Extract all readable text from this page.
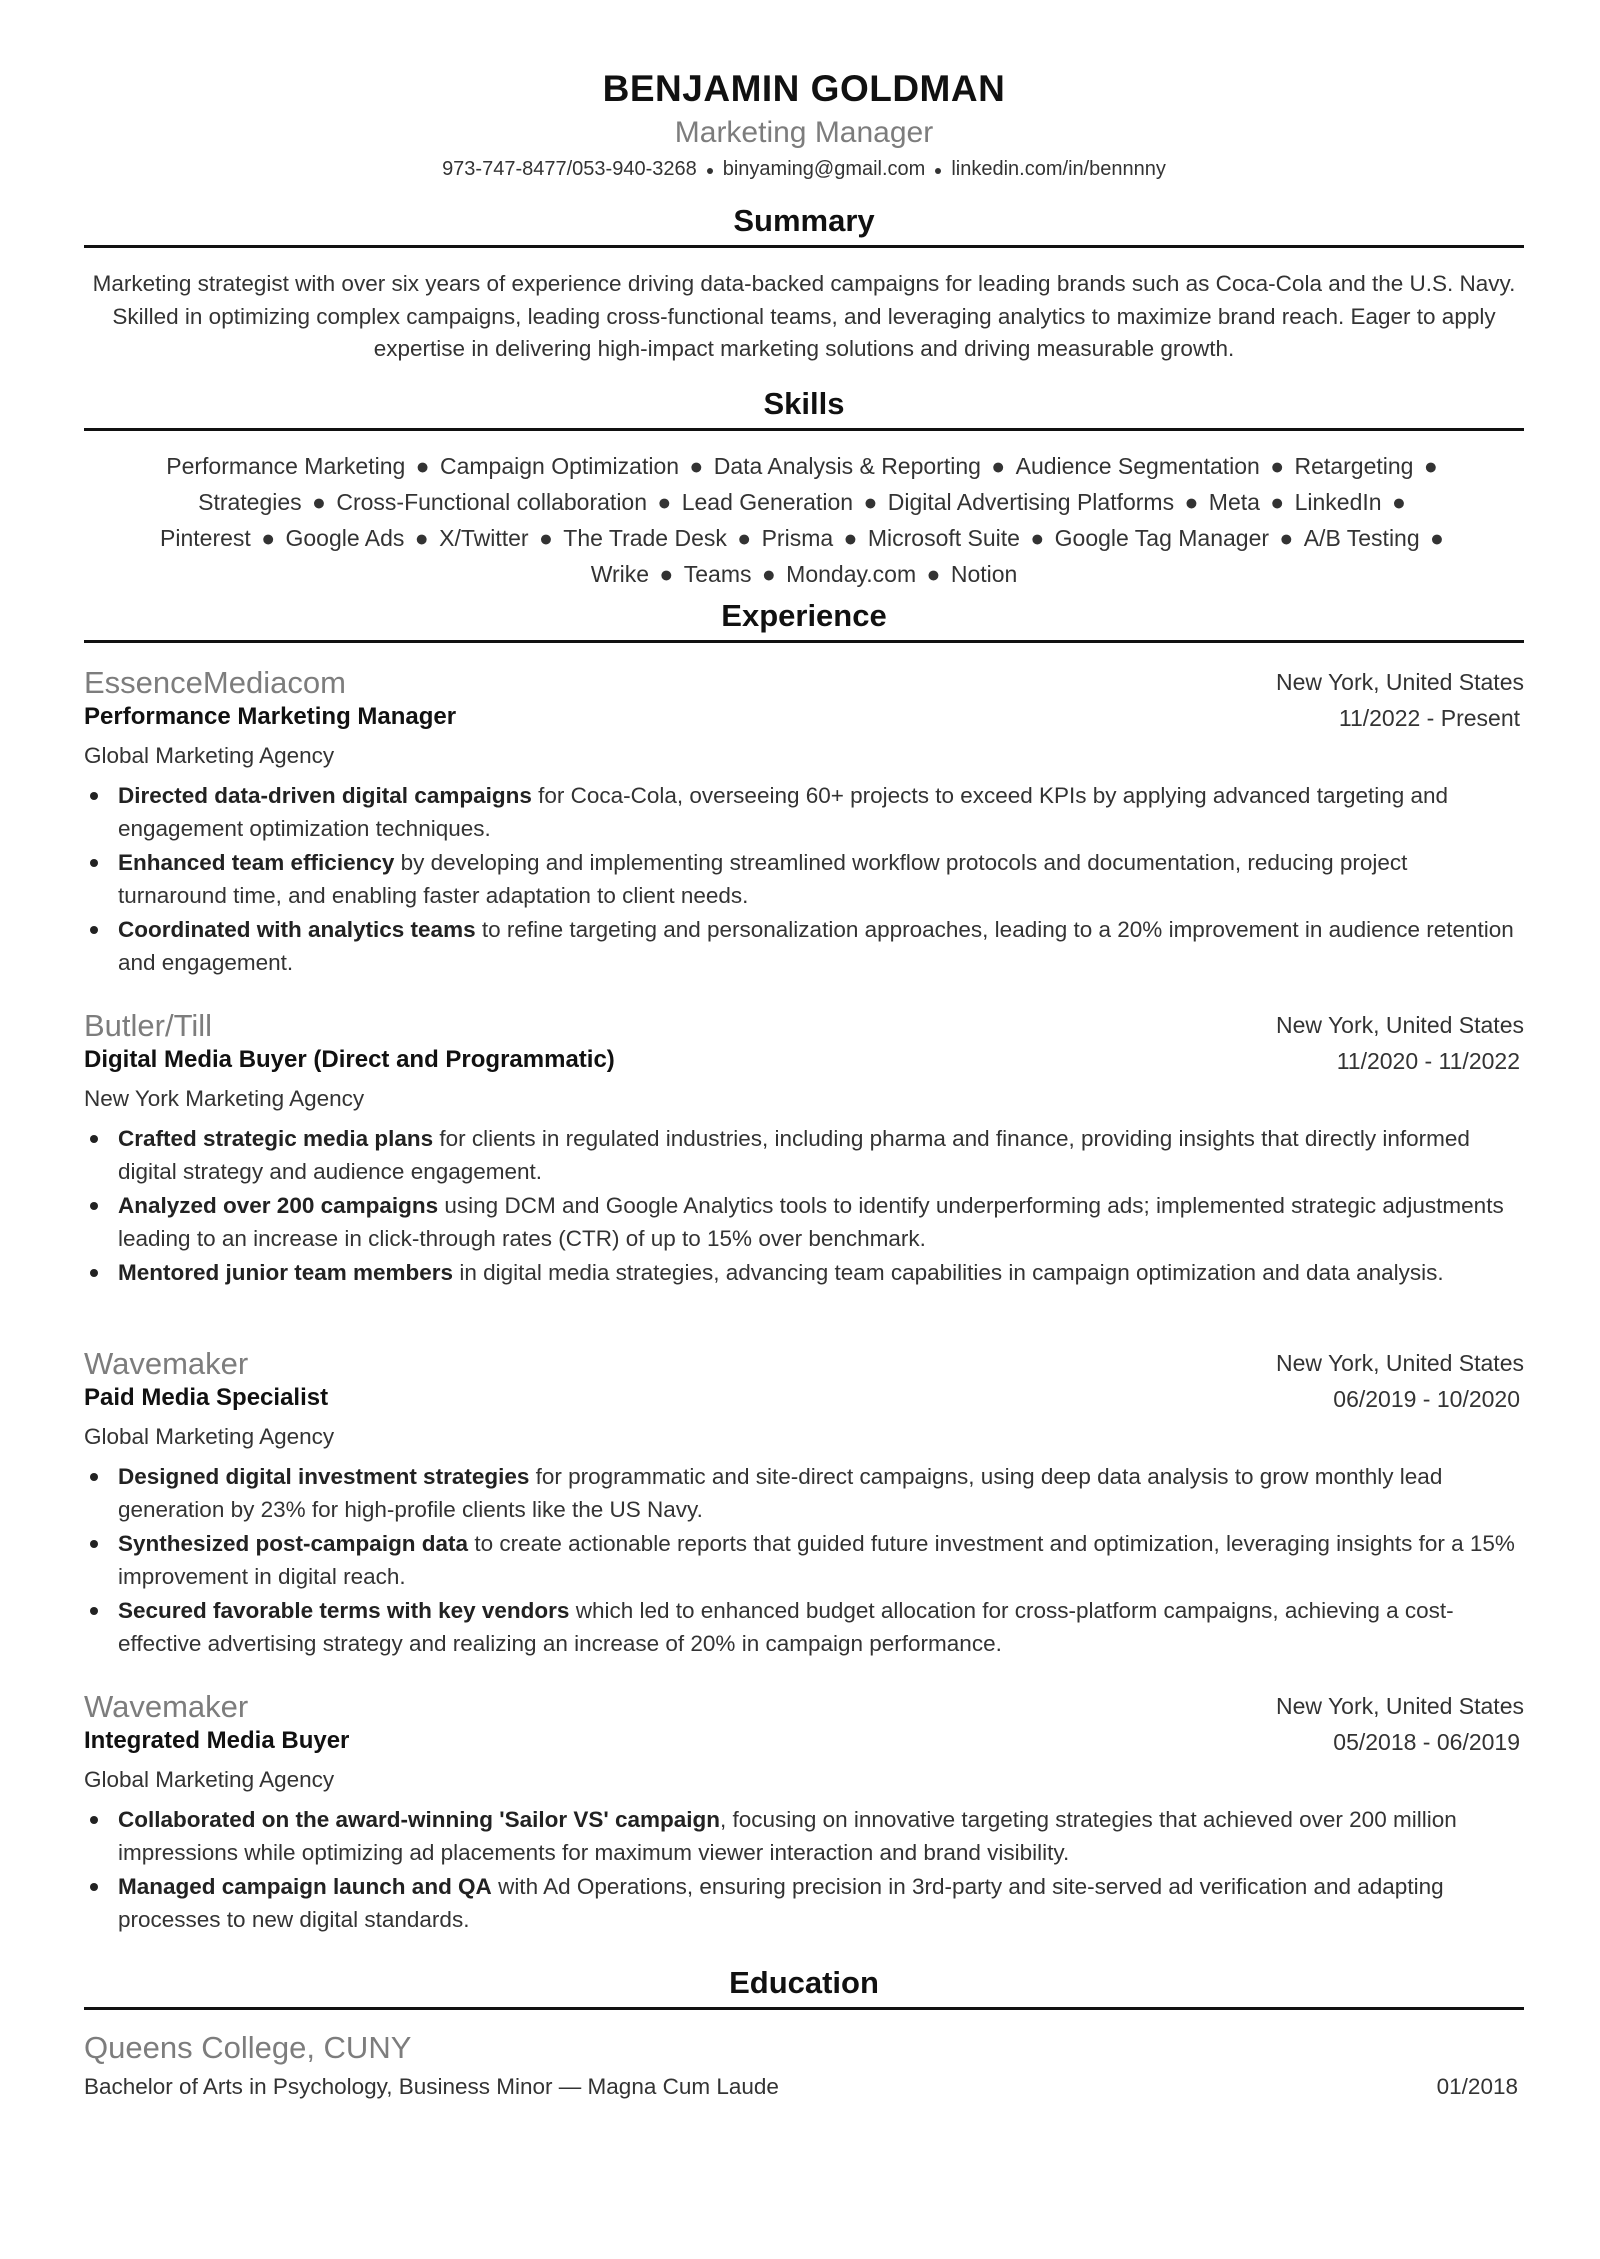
BENJAMIN GOLDMAN
Marketing Manager
973-747-8477/053-940-3268 binyaming@gmail.com linkedin.com/in/bennnny
Summary
Marketing strategist with over six years of experience driving data-backed campaigns for leading brands such as Coca-Cola and the U.S. Navy. Skilled in optimizing complex campaigns, leading cross-functional teams, and leveraging analytics to maximize brand reach. Eager to apply expertise in delivering high-impact marketing solutions and driving measurable growth.
Skills
Performance Marketing ● Campaign Optimization ● Data Analysis & Reporting ● Audience Segmentation ● Retargeting ●
Strategies ● Cross-Functional collaboration ● Lead Generation ● Digital Advertising Platforms ● Meta ● LinkedIn ●
Pinterest ● Google Ads ● X/Twitter ● The Trade Desk ● Prisma ● Microsoft Suite ● Google Tag Manager ● A/B Testing ●
Wrike ● Teams ● Monday.com ● Notion
Experience
EssenceMediacom	New York, United States
Performance Marketing Manager	11/2022 - Present
Global Marketing Agency
Directed data-driven digital campaigns for Coca-Cola, overseeing 60+ projects to exceed KPIs by applying advanced targeting and engagement optimization techniques.
Enhanced team efficiency by developing and implementing streamlined workflow protocols and documentation, reducing project turnaround time, and enabling faster adaptation to client needs.
Coordinated with analytics teams to refine targeting and personalization approaches, leading to a 20% improvement in audience retention and engagement.
Butler/Till	New York, United States
Digital Media Buyer (Direct and Programmatic)	11/2020 - 11/2022
New York Marketing Agency
Crafted strategic media plans for clients in regulated industries, including pharma and finance, providing insights that directly informed digital strategy and audience engagement.
Analyzed over 200 campaigns using DCM and Google Analytics tools to identify underperforming ads; implemented strategic adjustments leading to an increase in click-through rates (CTR) of up to 15% over benchmark.
Mentored junior team members in digital media strategies, advancing team capabilities in campaign optimization and data analysis.
Wavemaker	New York, United States
Paid Media Specialist	06/2019 - 10/2020
Global Marketing Agency
Designed digital investment strategies for programmatic and site-direct campaigns, using deep data analysis to grow monthly lead generation by 23% for high-profile clients like the US Navy.
Synthesized post-campaign data to create actionable reports that guided future investment and optimization, leveraging insights for a 15% improvement in digital reach.
Secured favorable terms with key vendors which led to enhanced budget allocation for cross-platform campaigns, achieving a cost-effective advertising strategy and realizing an increase of 20% in campaign performance.
Wavemaker	New York, United States
Integrated Media Buyer	05/2018 - 06/2019
Global Marketing Agency
Collaborated on the award-winning 'Sailor VS' campaign, focusing on innovative targeting strategies that achieved over 200 million impressions while optimizing ad placements for maximum viewer interaction and brand visibility.
Managed campaign launch and QA with Ad Operations, ensuring precision in 3rd-party and site-served ad verification and adapting processes to new digital standards.
Education
Queens College, CUNY
Bachelor of Arts in Psychology, Business Minor — Magna Cum Laude	01/2018
